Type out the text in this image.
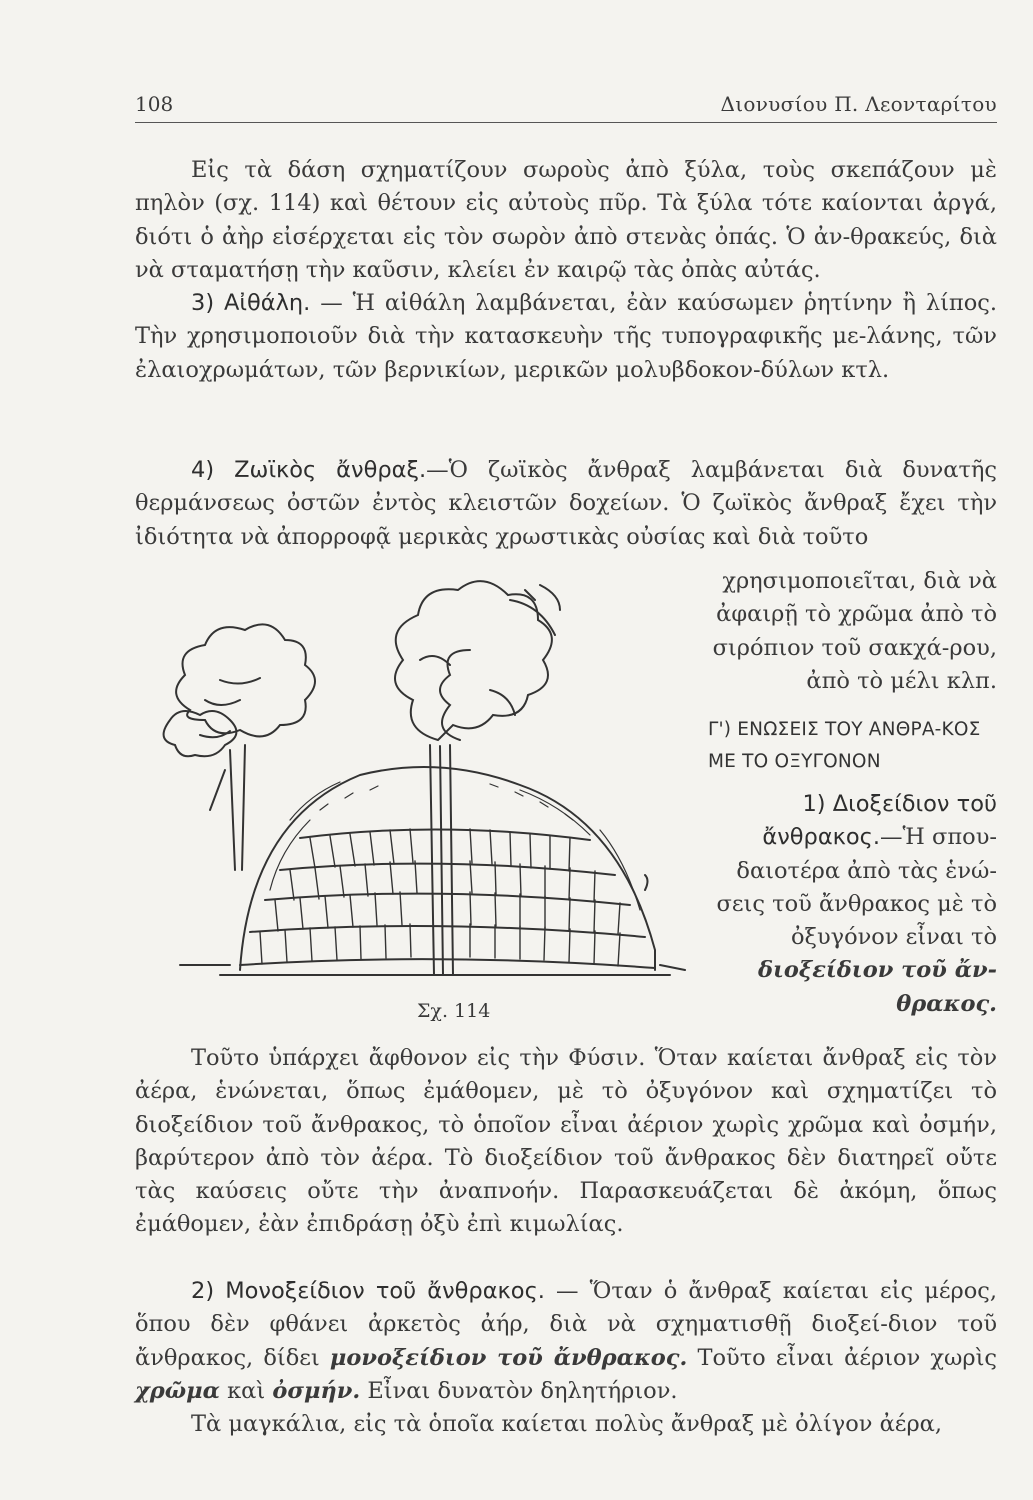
108	Διονυσίου Π. Λεονταρίτου

Εἰς τὰ δάση σχηματίζουν σωροὺς ἀπὸ ξύλα, τοὺς σκεπάζουν μὲ πηλὸν (σχ. 114) καὶ θέτουν εἰς αὐτοὺς πῦρ. Τὰ ξύλα τότε καίονται ἀργά, διότι ὁ ἀὴρ εἰσέρχεται εἰς τὸν σωρὸν ἀπὸ στενὰς ὀπάς. Ὁ ἀν-θρακεύς, διὰ νὰ σταματήσῃ τὴν καῦσιν, κλείει ἐν καιρῷ τὰς ὀπὰς αὐτάς.

3) Αἰθάλη. — Ἡ αἰθάλη λαμβάνεται, ἐὰν καύσωμεν ῥητίνην ἢ λίπος. Τὴν χρησιμοποιοῦν διὰ τὴν κατασκευὴν τῆς τυπογραφικῆς με-λάνης, τῶν ἐλαιοχρωμάτων, τῶν βερνικίων, μερικῶν μολυβδοκον-δύλων κτλ.

4) Ζωϊκὸς ἄνθραξ.—Ὁ ζωϊκὸς ἄνθραξ λαμβάνεται διὰ δυνατῆς θερμάνσεως ὀστῶν ἐντὸς κλειστῶν δοχείων. Ὁ ζωϊκὸς ἄνθραξ ἔχει τὴν ἰδιότητα νὰ ἀπορροφᾷ μερικὰς χρωστικὰς οὐσίας καὶ διὰ τοῦτο

χρησιμοποιεῖται, διὰ νὰ ἀφαιρῇ τὸ χρῶμα ἀπὸ τὸ σιρόπιον τοῦ σακχά-ρου, ἀπὸ τὸ μέλι κλπ.

Γ') ΕΝΩΣΕΙΣ ΤΟΥ ΑΝΘΡΑ-ΚΟΣ ΜΕ ΤΟ ΟΞΥΓΟΝΟΝ

1) Διοξείδιον τοῦ ἄνθρακος.—Ἡ σπου-δαιοτέρα ἀπὸ τὰς ἑνώ-σεις τοῦ ἄνθρακος μὲ τὸ ὀξυγόνον εἶναι τὸ διοξείδιον τοῦ ἄν-θρακος.

Σχ. 114

Τοῦτο ὑπάρχει ἄφθονον εἰς τὴν Φύσιν. Ὅταν καίεται ἄνθραξ εἰς τὸν ἀέρα, ἑνώνεται, ὅπως ἐμάθομεν, μὲ τὸ ὀξυγόνον καὶ σχηματίζει τὸ διοξείδιον τοῦ ἄνθρακος, τὸ ὁποῖον εἶναι ἀέριον χωρὶς χρῶμα καὶ ὀσμήν, βαρύτερον ἀπὸ τὸν ἀέρα. Τὸ διοξείδιον τοῦ ἄνθρακος δὲν διατηρεῖ οὔτε τὰς καύσεις οὔτε τὴν ἀναπνοήν. Παρασκευάζεται δὲ ἀκόμη, ὅπως ἐμάθομεν, ἐὰν ἐπιδράσῃ ὀξὺ ἐπὶ κιμωλίας.

2) Μονοξείδιον τοῦ ἄνθρακος. — Ὅταν ὁ ἄνθραξ καίεται εἰς μέρος, ὅπου δὲν φθάνει ἀρκετὸς ἀήρ, διὰ νὰ σχηματισθῇ διοξεί-διον τοῦ ἄνθρακος, δίδει μονοξείδιον τοῦ ἄνθρακος. Τοῦτο εἶναι ἀέριον χωρὶς χρῶμα καὶ ὀσμήν. Εἶναι δυνατὸν δηλητήριον.

Τὰ μαγκάλια, εἰς τὰ ὁποῖα καίεται πολὺς ἄνθραξ μὲ ὀλίγον ἀέρα,
